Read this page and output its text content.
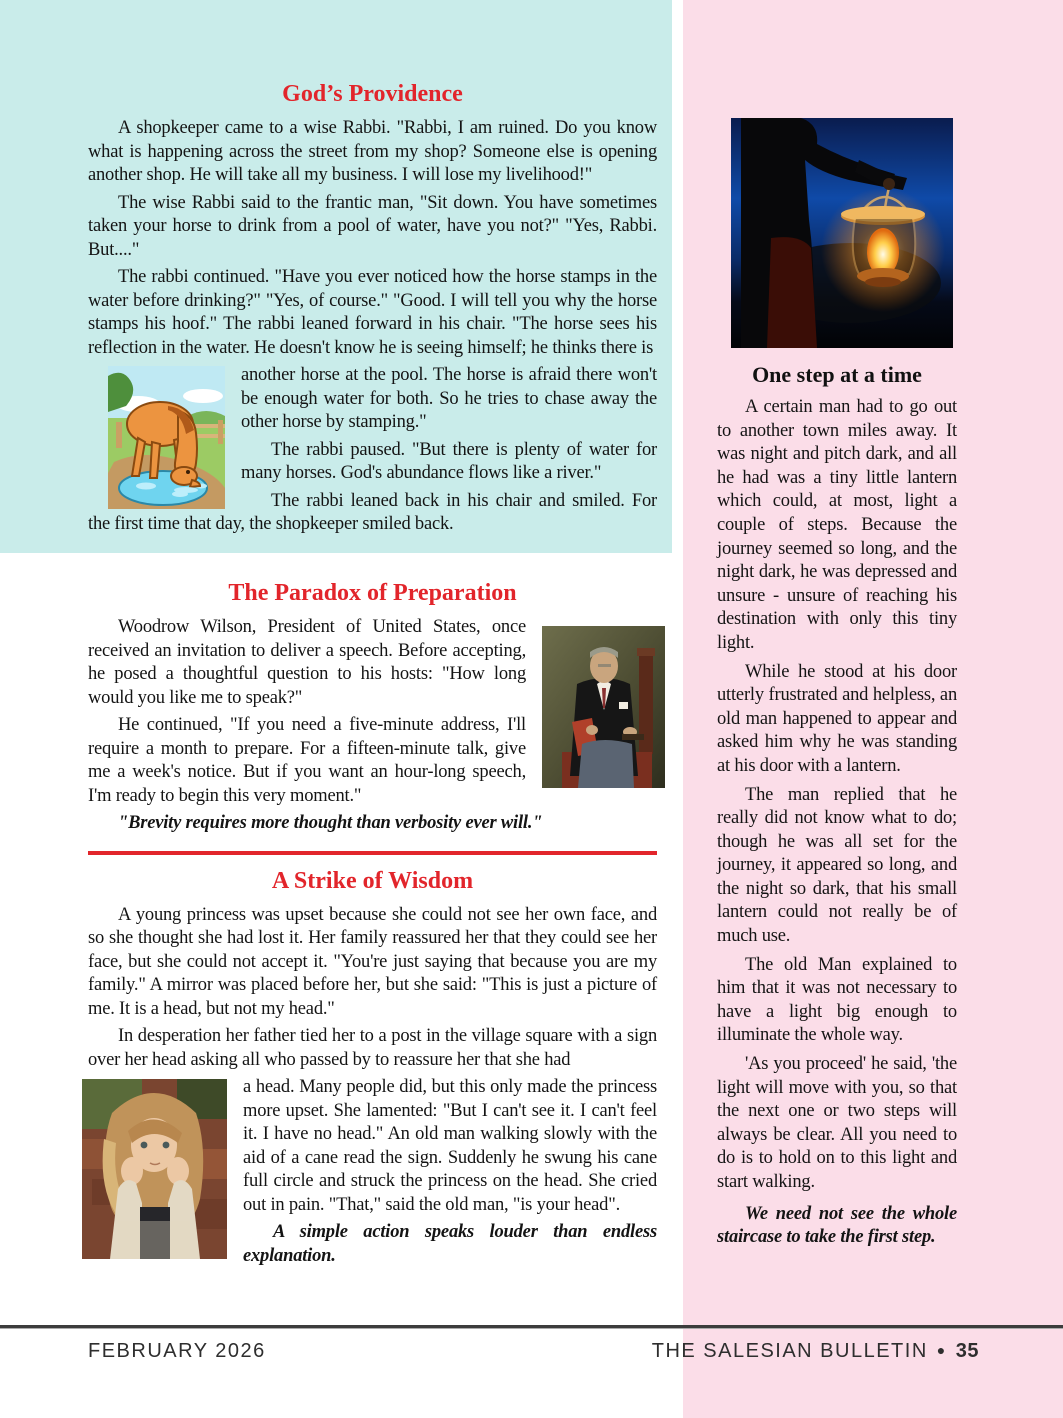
God’s Providence

A shopkeeper came to a wise Rabbi. "Rabbi, I am ruined. Do you know what is happening across the street from my shop? Someone else is opening another shop. He will take all my business. I will lose my livelihood!"

The wise Rabbi said to the frantic man, "Sit down. You have sometimes taken your horse to drink from a pool of water, have you not?" "Yes, Rabbi. But...."

The rabbi continued. "Have you ever noticed how the horse stamps in the water before drinking?" "Yes, of course." "Good. I will tell you why the horse stamps his hoof." The rabbi leaned forward in his chair. "The horse sees his reflection in the water. He doesn't know he is seeing himself; he thinks there is

another horse at the pool. The horse is afraid there won't be enough water for both. So he tries to chase away the other horse by stamping."

The rabbi paused. "But there is plenty of water for many horses. God's abundance flows like a river."

The rabbi leaned back in his chair and smiled. For the first time that day, the shopkeeper smiled back.

The Paradox of Preparation

Woodrow Wilson, President of United States, once received an invitation to deliver a speech. Before accepting, he posed a thoughtful question to his hosts: "How long would you like me to speak?"

He continued, "If you need a five-minute address, I'll require a month to prepare. For a fifteen-minute talk, give me a week's notice. But if you want an hour-long speech, I'm ready to begin this very moment."

"Brevity requires more thought than verbosity ever will."

A Strike of Wisdom

A young princess was upset because she could not see her own face, and so she thought she had lost it. Her family reassured her that they could see her face, but she could not accept it. "You're just saying that because you are my family." A mirror was placed before her, but she said: "This is just a picture of me. It is a head, but not my head."

In desperation her father tied her to a post in the village square with a sign over her head asking all who passed by to reassure her that she had

a head. Many people did, but this only made the princess more upset. She lamented: "But I can't see it. I can't feel it. I have no head." An old man walking slowly with the aid of a cane read the sign. Suddenly he swung his cane full circle and struck the princess on the head. She cried out in pain. "That," said the old man, "is your head".

A simple action speaks louder than endless explanation.

One step at a time

A certain man had to go out to another town miles away. It was night and pitch dark, and all he had was a tiny little lantern which could, at most, light a couple of steps. Because the journey seemed so long, and the night dark, he was depressed and unsure - unsure of reaching his destination with only this tiny light.

While he stood at his door utterly frustrated and helpless, an old man happened to appear and asked him why he was standing at his door with a lantern.

The man replied that he really did not know what to do; though he was all set for the journey, it appeared so long, and the night so dark, that his small lantern could not really be of much use.

The old Man explained to him that it was not necessary to have a light big enough to illuminate the whole way.

'As you proceed' he said, 'the light will move with you, so that the next one or two steps will always be clear. All you need to do is to hold on to this light and start walking.

We need not see the whole staircase to take the first step.

FEBRUARY 2026	THE SALESIAN BULLETIN ● 35
